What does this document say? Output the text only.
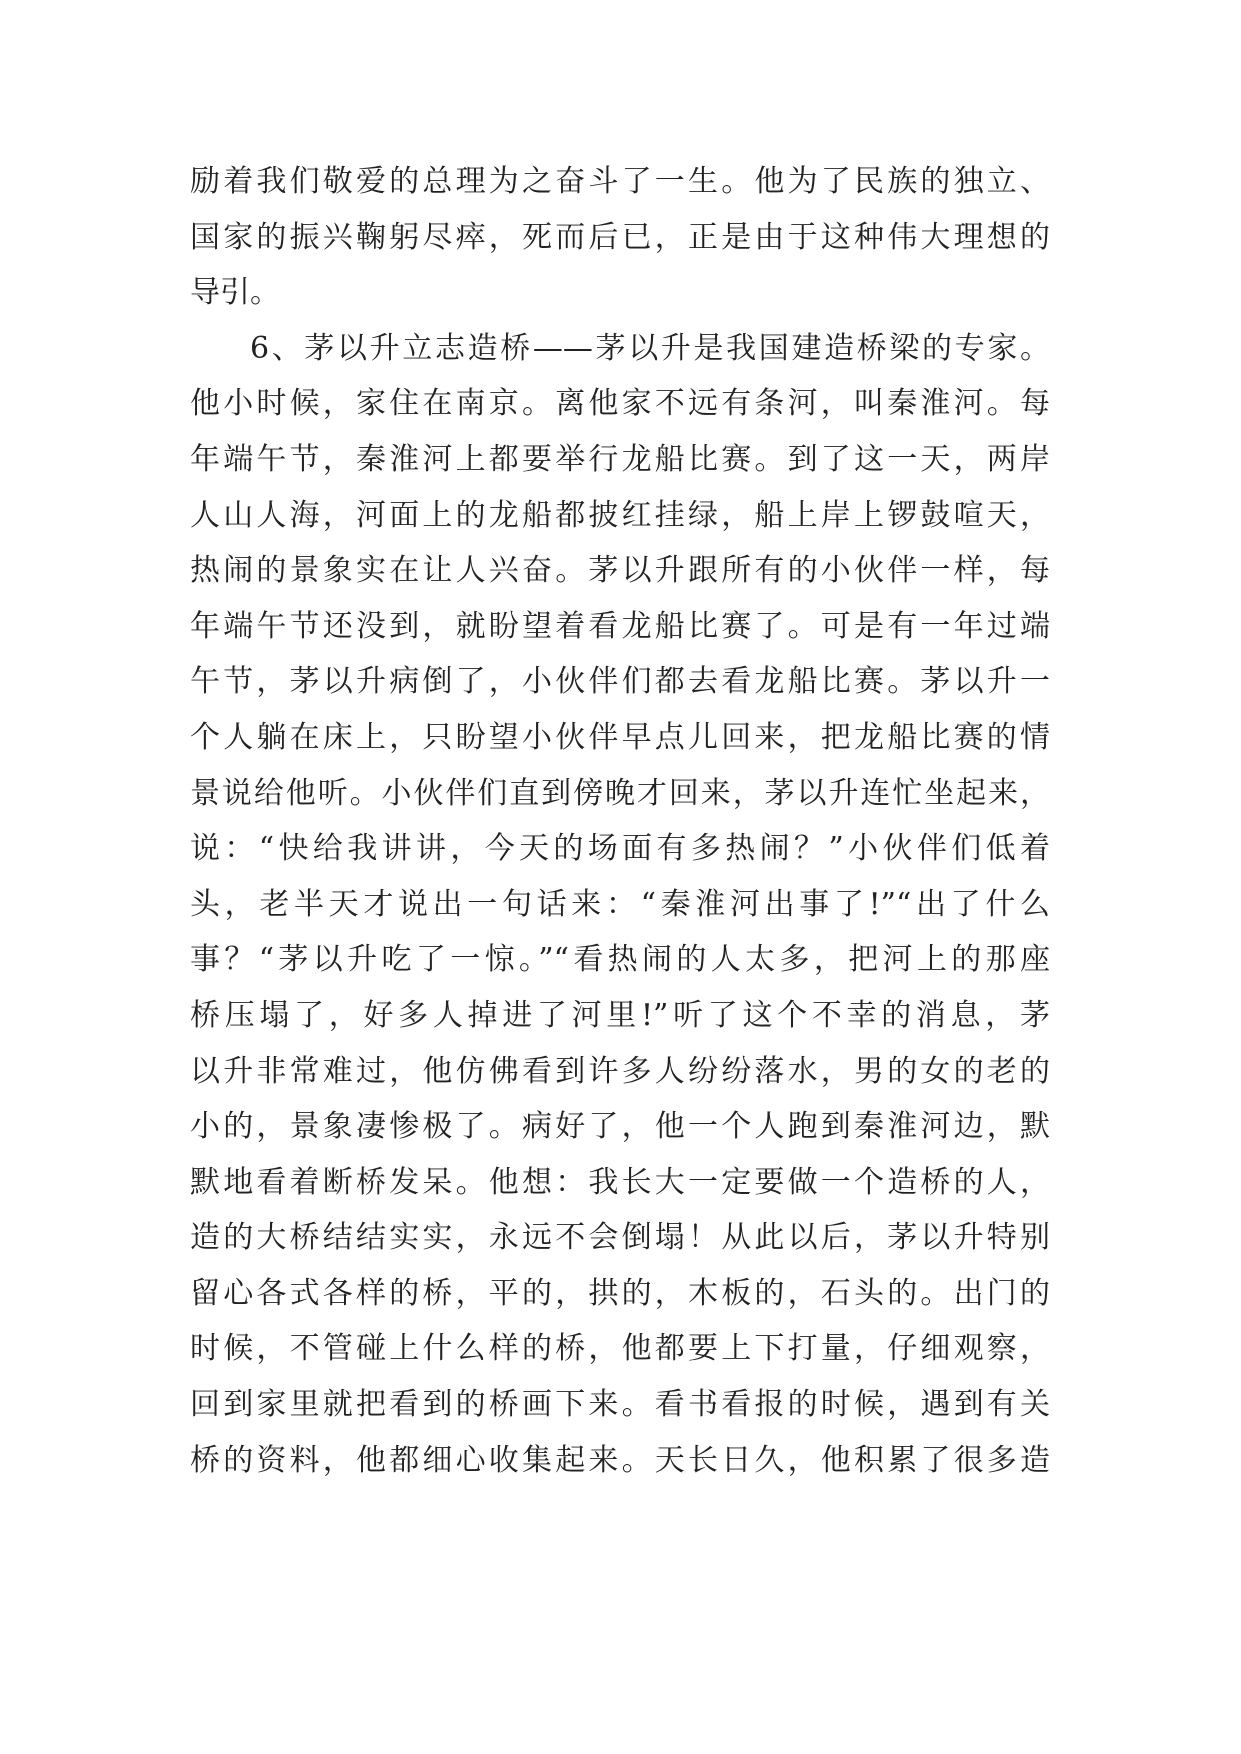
励着我们敬爱的总理为之奋斗了一生。他为了民族的独立、
国家的振兴鞠躬尽瘁，死而后已，正是由于这种伟大理想的
导引。
6、茅以升立志造桥——茅以升是我国建造桥梁的专家。
他小时候，家住在南京。离他家不远有条河，叫秦淮河。每
年端午节，秦淮河上都要举行龙船比赛。到了这一天，两岸
人山人海，河面上的龙船都披红挂绿，船上岸上锣鼓喧天，
热闹的景象实在让人兴奋。茅以升跟所有的小伙伴一样，每
年端午节还没到，就盼望着看龙船比赛了。可是有一年过端
午节，茅以升病倒了，小伙伴们都去看龙船比赛。茅以升一
个人躺在床上，只盼望小伙伴早点儿回来，把龙船比赛的情
景说给他听。小伙伴们直到傍晚才回来，茅以升连忙坐起来，
说：“快给我讲讲，今天的场面有多热闹？”小伙伴们低着
头，老半天才说出一句话来：“秦淮河出事了!”“出了什么
事？“茅以升吃了一惊。”“看热闹的人太多，把河上的那座
桥压塌了，好多人掉进了河里!”听了这个不幸的消息，茅
以升非常难过，他仿佛看到许多人纷纷落水，男的女的老的
小的，景象凄惨极了。病好了，他一个人跑到秦淮河边，默
默地看着断桥发呆。他想：我长大一定要做一个造桥的人，
造的大桥结结实实，永远不会倒塌！从此以后，茅以升特别
留心各式各样的桥，平的，拱的，木板的，石头的。出门的
时候，不管碰上什么样的桥，他都要上下打量，仔细观察，
回到家里就把看到的桥画下来。看书看报的时候，遇到有关
桥的资料，他都细心收集起来。天长日久，他积累了很多造
